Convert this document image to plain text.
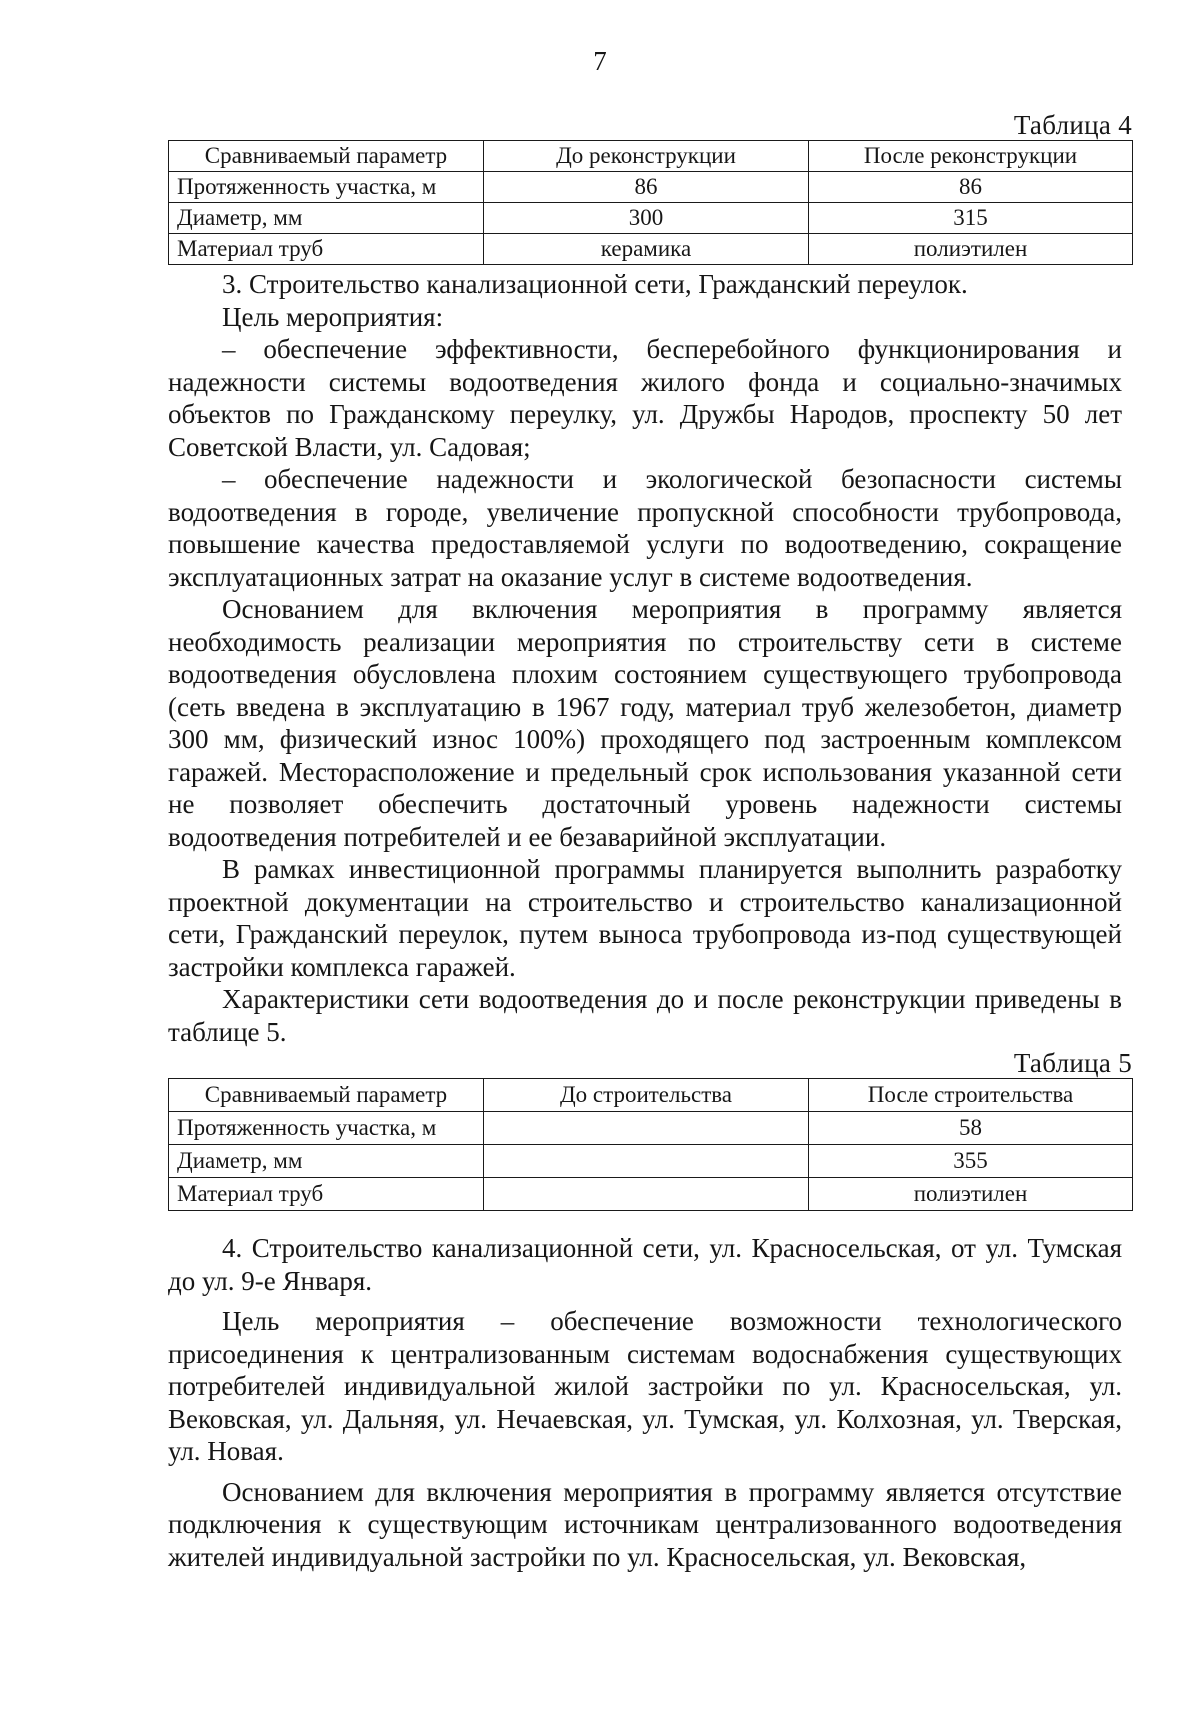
7
Таблица 4
Сравниваемый параметр	До реконструкции	После реконструкции
Протяженность участка, м	86	86
Диаметр, мм	300	315
Материал труб	керамика	полиэтилен

3. Строительство канализационной сети, Гражданский переулок.

Цель мероприятия:

– обеспечение эффективности, бесперебойного функционирования и надежности системы водоотведения жилого фонда и социально-значимых объектов по Гражданскому переулку, ул. Дружбы Народов, проспекту 50 лет Советской Власти, ул. Садовая;

– обеспечение надежности и экологической безопасности системы водоотведения в городе, увеличение пропускной способности трубопровода, повышение качества предоставляемой услуги по водоотведению, сокращение эксплуатационных затрат на оказание услуг в системе водоотведения.

Основанием для включения мероприятия в программу является необходимость реализации мероприятия по строительству сети в системе водоотведения обусловлена плохим состоянием существующего трубопровода (сеть введена в эксплуатацию в 1967 году, материал труб железобетон, диаметр 300 мм, физический износ 100%) проходящего под застроенным комплексом гаражей. Месторасположение и предельный срок использования указанной сети не позволяет обеспечить достаточный уровень надежности системы водоотведения потребителей и ее безаварийной эксплуатации.

В рамках инвестиционной программы планируется выполнить разработку проектной документации на строительство и строительство канализационной сети, Гражданский переулок, путем выноса трубопровода из-под существующей застройки комплекса гаражей.

Характеристики сети водоотведения до и после реконструкции приведены в таблице 5.

Таблица 5
Сравниваемый параметр	До строительства	После строительства
Протяженность участка, м		58
Диаметр, мм		355
Материал труб		полиэтилен

4. Строительство канализационной сети, ул. Красносельская, от ул. Тумская до ул. 9-е Января.

Цель мероприятия – обеспечение возможности технологического присоединения к централизованным системам водоснабжения существующих потребителей индивидуальной жилой застройки по ул. Красносельская, ул. Вековская, ул. Дальняя, ул. Нечаевская, ул. Тумская, ул. Колхозная, ул. Тверская, ул. Новая.

Основанием для включения мероприятия в программу является отсутствие подключения к существующим источникам централизованного водоотведения жителей индивидуальной застройки по ул. Красносельская, ул. Вековская,
